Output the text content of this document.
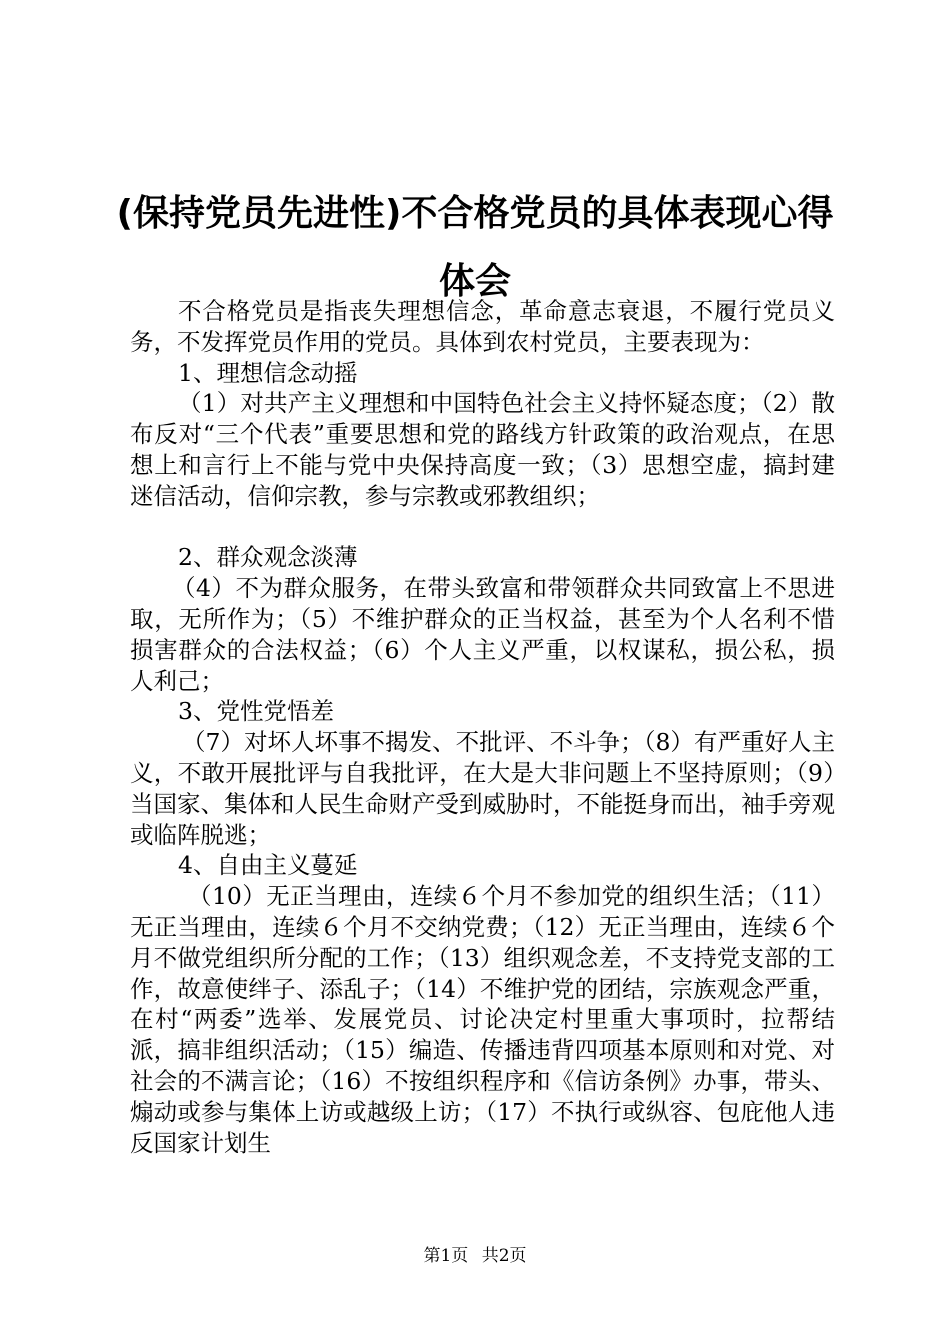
(保持党员先进性)不合格党员的具体表现心得体会

不合格党员是指丧失理想信念，革命意志衰退，不履行党员义务，不发挥党员作用的党员。具体到农村党员，主要表现为：

1、理想信念动摇

（1）对共产主义理想和中国特色社会主义持怀疑态度；（2）散布反对“三个代表”重要思想和党的路线方针政策的政治观点，在思想上和言行上不能与党中央保持高度一致；（3）思想空虚，搞封建迷信活动，信仰宗教，参与宗教或邪教组织；

2、群众观念淡薄

（4）不为群众服务，在带头致富和带领群众共同致富上不思进取，无所作为；（5）不维护群众的正当权益，甚至为个人名利不惜损害群众的合法权益；（6）个人主义严重，以权谋私，损公私，损人利己；

3、党性党悟差

（7）对坏人坏事不揭发、不批评、不斗争；（8）有严重好人主义，不敢开展批评与自我批评，在大是大非问题上不坚持原则；（9）当国家、集体和人民生命财产受到威胁时，不能挺身而出，袖手旁观或临阵脱逃；

4、自由主义蔓延

（10）无正当理由，连续６个月不参加党的组织生活；（11）无正当理由，连续６个月不交纳党费；（12）无正当理由，连续６个月不做党组织所分配的工作；（13）组织观念差，不支持党支部的工作，故意使绊子、添乱子；（14）不维护党的团结，宗族观念严重，在村“两委”选举、发展党员、讨论决定村里重大事项时，拉帮结派，搞非组织活动；（15）编造、传播违背四项基本原则和对党、对社会的不满言论；（16）不按组织程序和《信访条例》办事，带头、煽动或参与集体上访或越级上访；（17）不执行或纵容、包庇他人违反国家计划生

第1页 共2页
